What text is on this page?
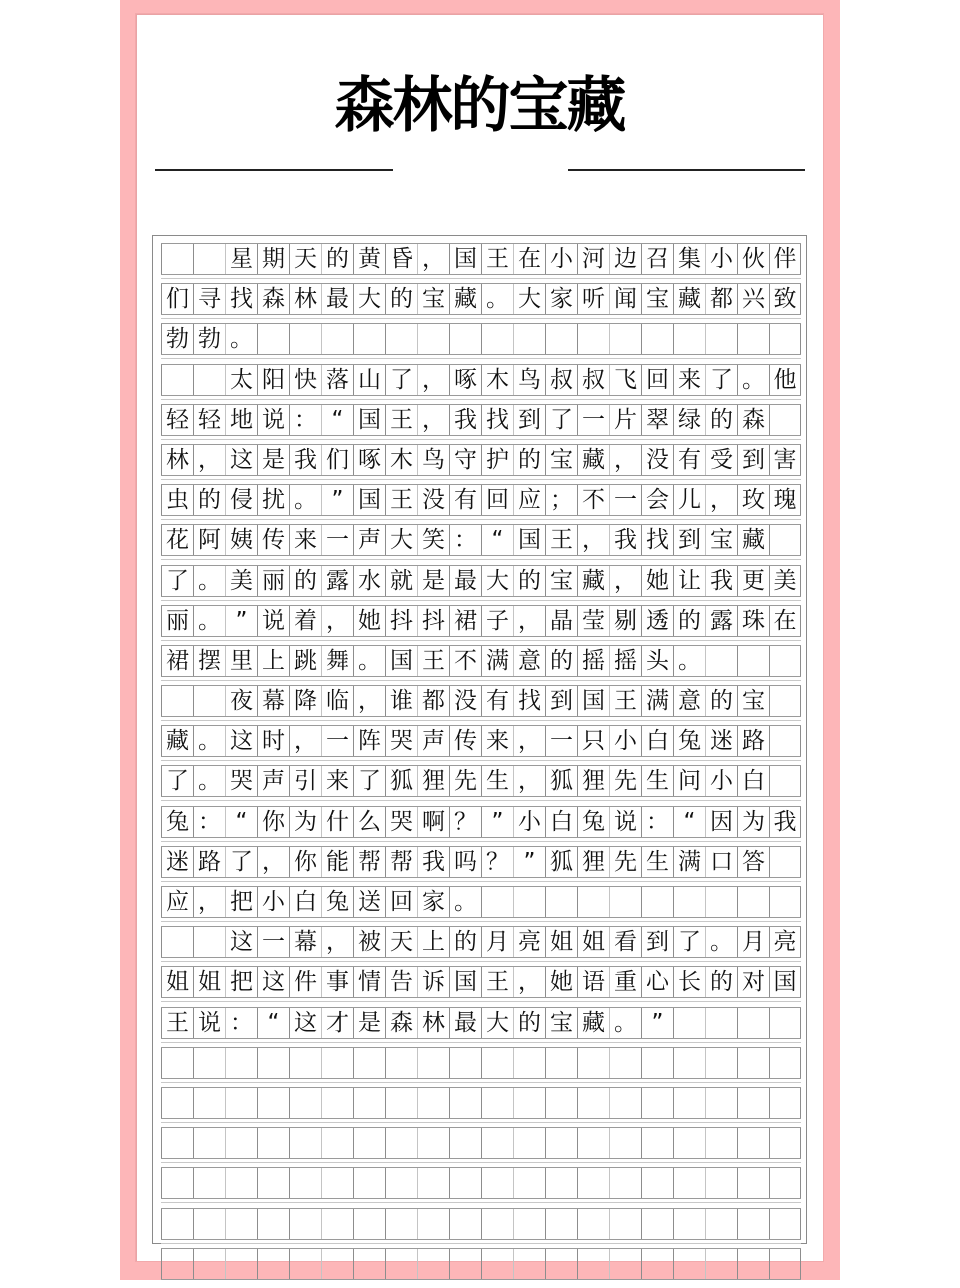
森林的宝藏
星 期 天 的 黄 昏 ， 国 王 在 小 河 边 召 集 小 伙 伴
们 寻 找 森 林 最 大 的 宝 藏 。 大 家 听 闻 宝 藏 都 兴 致
勃 勃 。
太 阳 快 落 山 了 ， 啄 木 鸟 叔 叔 飞 回 来 了 。 他
轻 轻 地 说 ： “ 国 王 ， 我 找 到 了 一 片 翠 绿 的 森
林 ， 这 是 我 们 啄 木 鸟 守 护 的 宝 藏 ， 没 有 受 到 害
虫 的 侵 扰 。 ” 国 王 没 有 回 应 ； 不 一 会 儿 ， 玫 瑰
花 阿 姨 传 来 一 声 大 笑 ： “ 国 王 ， 我 找 到 宝 藏
了 。 美 丽 的 露 水 就 是 最 大 的 宝 藏 ， 她 让 我 更 美
丽 。 ” 说 着 ， 她 抖 抖 裙 子 ， 晶 莹 剔 透 的 露 珠 在
裙 摆 里 上 跳 舞 。 国 王 不 满 意 的 摇 摇 头 。
夜 幕 降 临 ， 谁 都 没 有 找 到 国 王 满 意 的 宝
藏 。 这 时 ， 一 阵 哭 声 传 来 ， 一 只 小 白 兔 迷 路
了 。 哭 声 引 来 了 狐 狸 先 生 ， 狐 狸 先 生 问 小 白
兔 ： “ 你 为 什 么 哭 啊 ？ ” 小 白 兔 说 ： “ 因 为 我
迷 路 了 ， 你 能 帮 帮 我 吗 ？ ” 狐 狸 先 生 满 口 答
应 ， 把 小 白 兔 送 回 家 。
这 一 幕 ， 被 天 上 的 月 亮 姐 姐 看 到 了 。 月 亮
姐 姐 把 这 件 事 情 告 诉 国 王 ， 她 语 重 心 长 的 对 国
王 说 ： “ 这 才 是 森 林 最 大 的 宝 藏 。 ”
